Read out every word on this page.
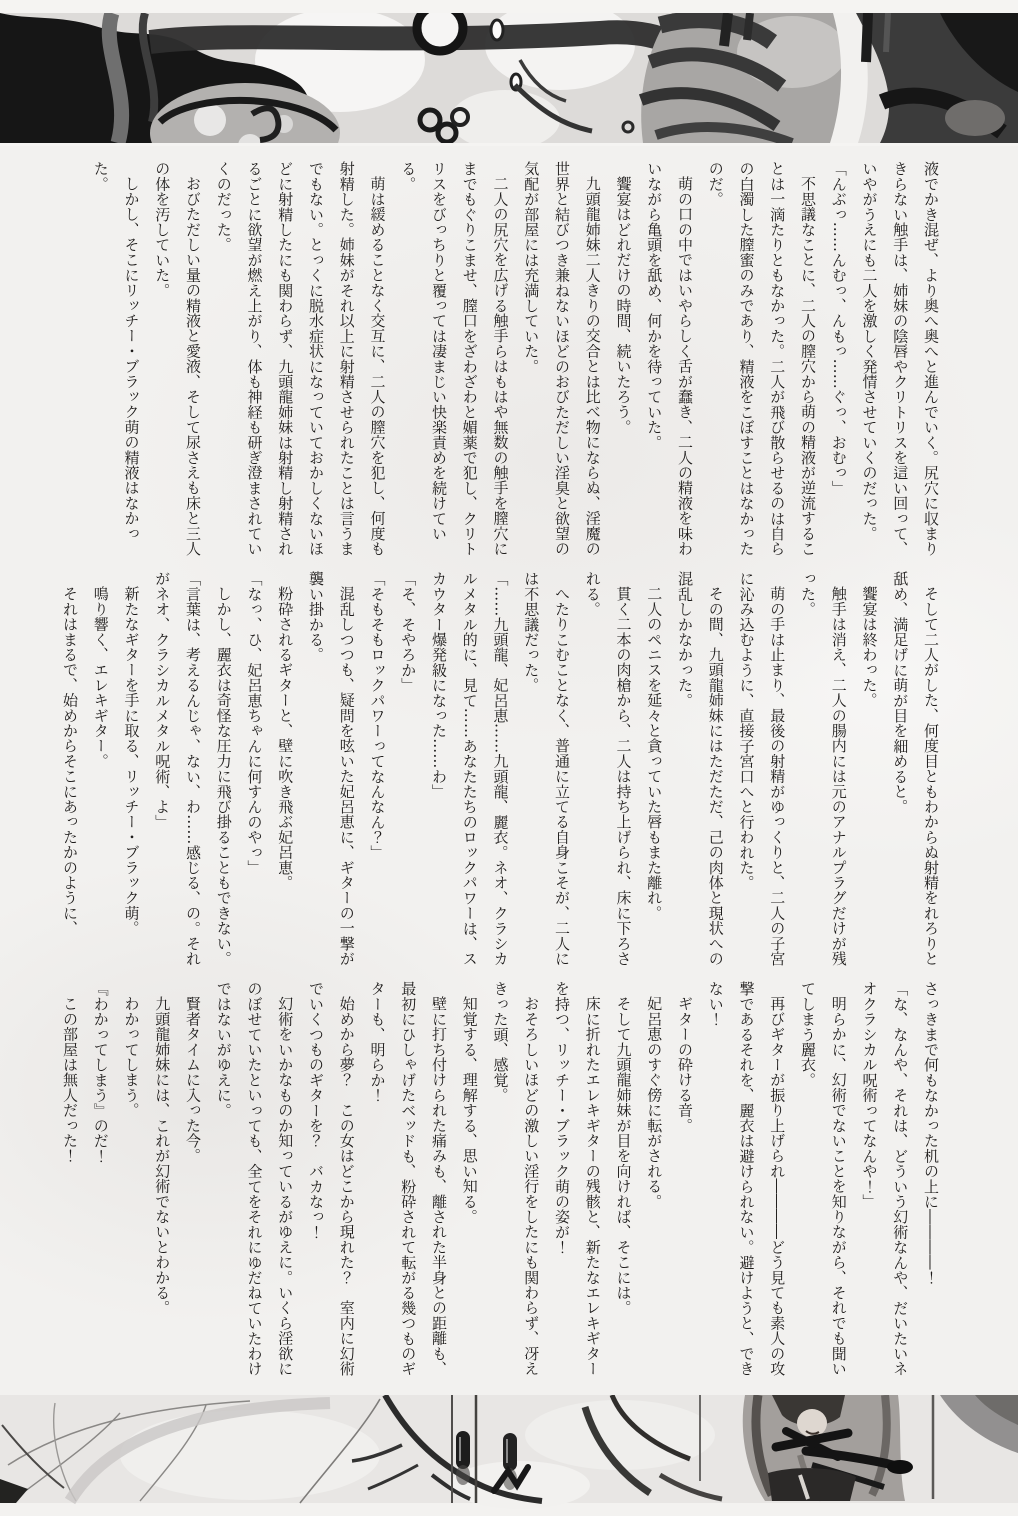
液でかき混ぜ、より奥へ奥へと進んでいく。尻穴に収まりきらない触手は、姉妹の陰唇やクリトリスを這い回って、いやがうえにも二人を激しく発情させていくのだった。

「んぶっ……んむっ、んもっ……ぐっ、おむっ」

不思議なことに、二人の膣穴から萌の精液が逆流することは一滴たりともなかった。二人が飛び散らせるのは自らの白濁した膣蜜のみであり、精液をこぼすことはなかったのだ。

萌の口の中ではいやらしく舌が蠢き、二人の精液を味わいながら亀頭を舐め、何かを待っていた。

饗宴はどれだけの時間、続いたろう。

九頭龍姉妹二人きりの交合とは比べ物にならぬ、淫魔の世界と結びつき兼ねないほどのおびただしい淫臭と欲望の気配が部屋には充満していた。

二人の尻穴を広げる触手らはもはや無数の触手を膣穴にまでもぐりこませ、膣口をざわざわと媚薬で犯し、クリトリスをびっちりと覆っては凄まじい快楽責めを続けている。

萌は緩めることなく交互に、二人の膣穴を犯し、何度も射精した。姉妹がそれ以上に射精させられたことは言うまでもない。とっくに脱水症状になっていておかしくないほどに射精したにも関わらず、九頭龍姉妹は射精し射精されるごとに欲望が燃え上がり、体も神経も研ぎ澄まされていくのだった。

おびただしい量の精液と愛液、そして尿さえも床と三人の体を汚していた。

しかし、そこにリッチー・ブラック萌の精液はなかった。

そして二人がした、何度目ともわからぬ射精をれろりと舐め、満足げに萌が目を細めると。

饗宴は終わった。

触手は消え、二人の腸内には元のアナルプラグだけが残った。

萌の手は止まり、最後の射精がゆっくりと、二人の子宮に沁み込むように、直接子宮口へと行われた。

その間、九頭龍姉妹にはただただ、己の肉体と現状への混乱しかなかった。

二人のペニスを延々と貪っていた唇もまた離れ。

貫く二本の肉槍から、二人は持ち上げられ、床に下ろされる。

へたりこむことなく、普通に立てる自身こそが、二人には不思議だった。

「……九頭龍、妃呂恵……九頭龍、麗衣。ネオ、クラシカルメタル的に、見て……あなたたちのロックパワーは、スカウター爆発級になった……わ」

「そ、そやろか」

「そもそもロックパワーってなんなん？」

混乱しつつも、疑問を呟いた妃呂恵に、ギターの一撃が襲い掛かる。

粉砕されるギターと、壁に吹き飛ぶ妃呂恵。

「なっ、ひ、妃呂恵ちゃんに何すんのやっ」

しかし、麗衣は奇怪な圧力に飛び掛ることもできない。

「言葉は、考えるんじゃ、ない、わ……感じる、の。それがネオ、クラシカルメタル呪術、よ」

新たなギターを手に取る、リッチー・ブラック萌。

鳴り響く、エレキギター。

それはまるで、始めからそこにあったかのように、

さっきまで何もなかった机の上に――――！

「な、なんや、それは、どういう幻術なんや、だいたいネオクラシカル呪術ってなんや！」

明らかに、幻術でないことを知りながら、それでも聞いてしまう麗衣。

再びギターが振り上げられ――――どう見ても素人の攻撃であるそれを、麗衣は避けられない。避けようと、できない！

ギターの砕ける音。

妃呂恵のすぐ傍に転がされる。

そして九頭龍姉妹が目を向ければ、そこには。

床に折れたエレキギターの残骸と、新たなエレキギターを持つ、リッチー・ブラック萌の姿が！

おそろしいほどの激しい淫行をしたにも関わらず、冴えきった頭、感覚。

知覚する、理解する、思い知る。

壁に打ち付けられた痛みも、離された半身との距離も、最初にひしゃげたベッドも、粉砕されて転がる幾つものギターも、明らか！

始めから夢？　この女はどこから現れた？　室内に幻術でいくつものギターを？　バカなっ！

幻術をいかなものか知っているがゆえに。いくら淫欲にのぼせていたといっても、全てをそれにゆだねていたわけではないがゆえに。

賢者タイムに入った今。

九頭龍姉妹には、これが幻術でないとわかる。

わかってしまう。

『わかってしまう』のだ！

この部屋は無人だった！
